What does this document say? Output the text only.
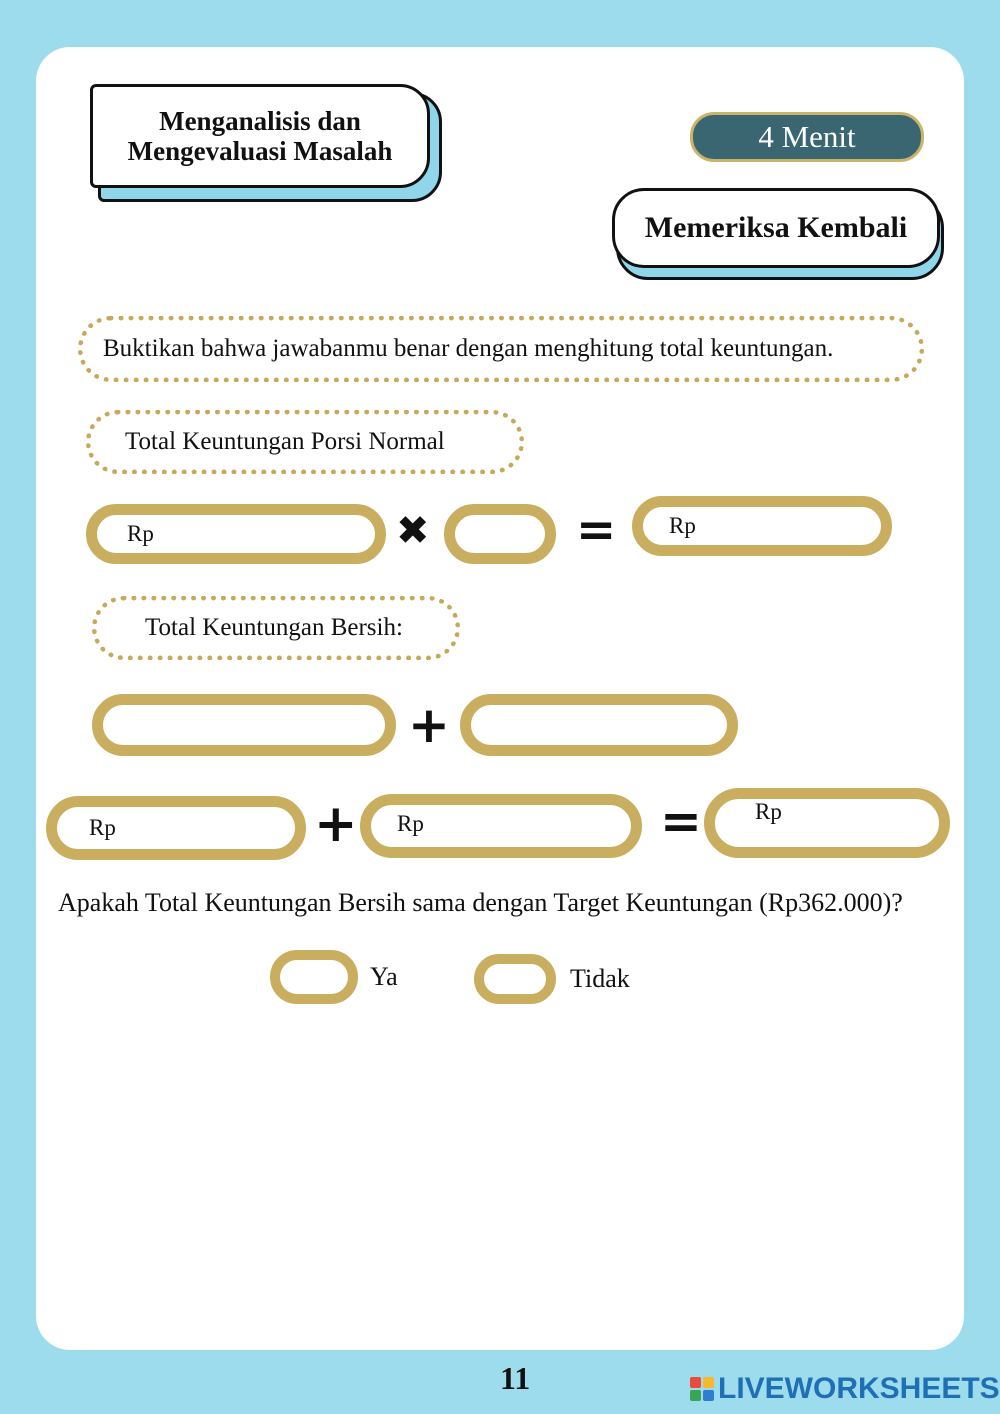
Menganalisis dan Mengevaluasi Masalah	4 Menit
Memeriksa Kembali
Buktikan bahwa jawabanmu benar dengan menghitung total keuntungan.
Total Keuntungan Porsi Normal
Rp	✖	= Rp
Total Keuntungan Bersih:
+
Rp	+ Rp	= Rp
Apakah Total Keuntungan Bersih sama dengan Target Keuntungan (Rp362.000)?
Ya	Tidak
11	LIVEWORKSHEETS
